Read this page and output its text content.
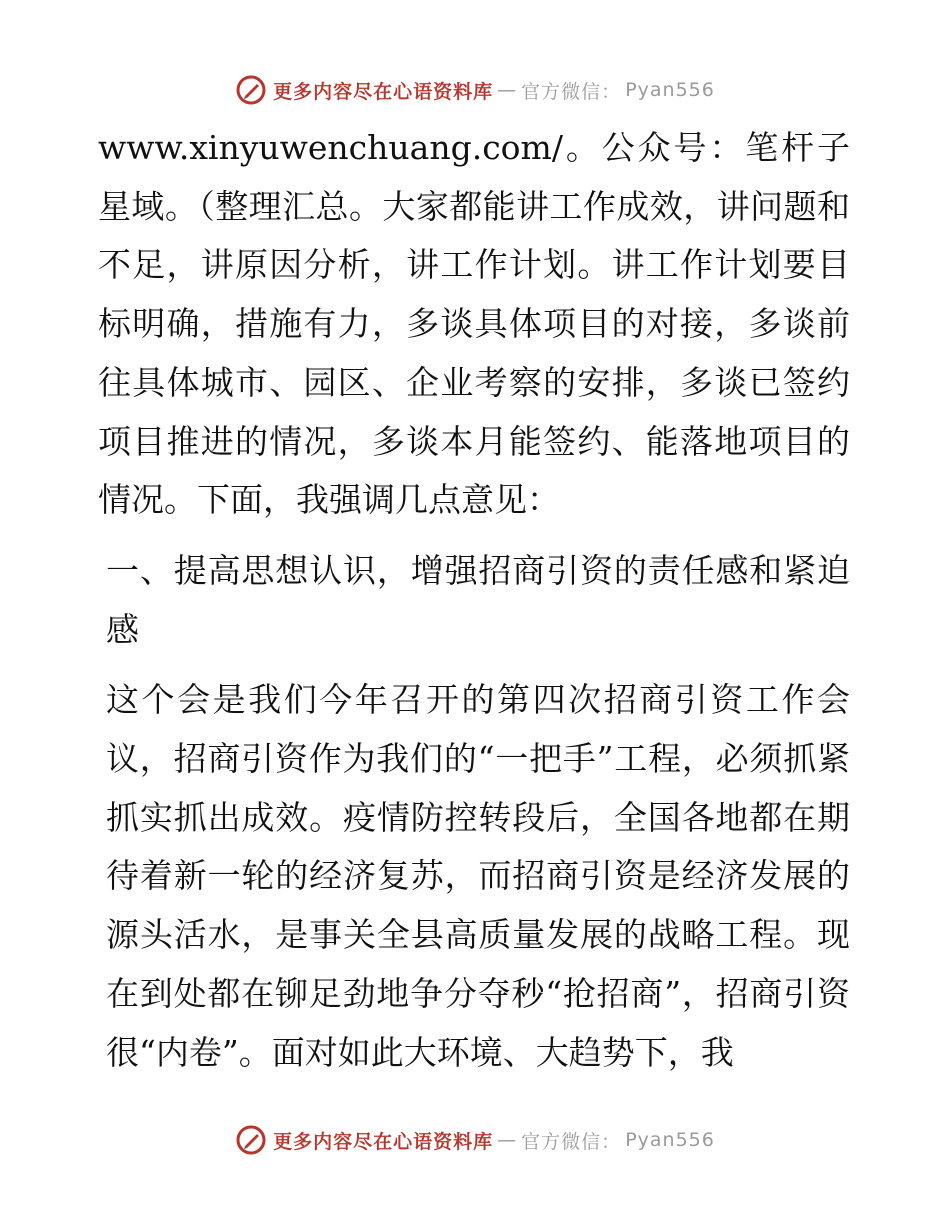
更多内容尽在心语资料库 — 官方微信： Pyan556

www.xinyuwenchuang.com/。公众号：笔杆子星域。（整理汇总。大家都能讲工作成效，讲问题和不足，讲原因分析，讲工作计划。讲工作计划要目标明确，措施有力，多谈具体项目的对接，多谈前往具体城市、园区、企业考察的安排，多谈已签约项目推进的情况，多谈本月能签约、能落地项目的情况。下面，我强调几点意见：

一、提高思想认识，增强招商引资的责任感和紧迫感

这个会是我们今年召开的第四次招商引资工作会议，招商引资作为我们的“一把手”工程，必须抓紧抓实抓出成效。疫情防控转段后，全国各地都在期待着新一轮的经济复苏，而招商引资是经济发展的源头活水，是事关全县高质量发展的战略工程。现在到处都在铆足劲地争分夺秒“抢招商”，招商引资很“内卷”。面对如此大环境、大趋势下，我

更多内容尽在心语资料库 — 官方微信： Pyan556
